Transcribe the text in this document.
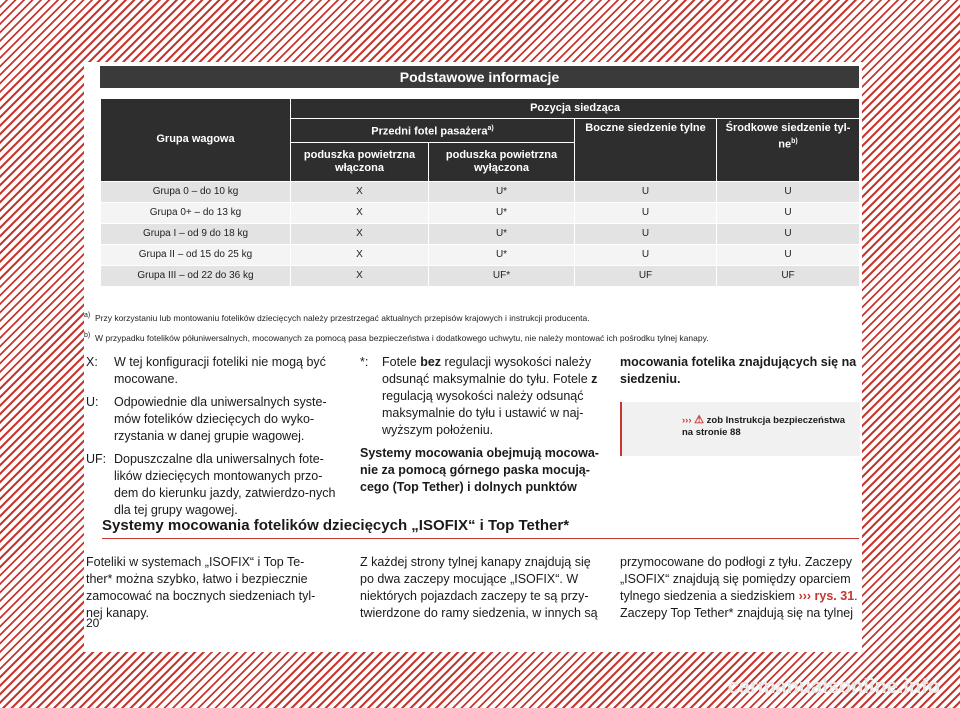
Podstawowe informacje
Grupa wagowa	Pozycja siedząca			
	Przedni fotel pasażera$^{a)}$		Boczne siedzenie tylne	Środkowe siedzenie tyl-$ne^{b)}$
	poduszka powietrzna włączona	poduszka powietrzna wyłączona		
Grupa 0 – do 10 kg	X	U*	U	U
Grupa 0+ – do 13 kg	X	U*	U	U
Grupa I – od 9 do 18 kg	X	U*	U	U
Grupa II – od 15 do 25 kg	X	U*	U	U
Grupa III – od 22 do 36 kg	X	UF*	UF	UF
$^{a)}$ Przy korzystaniu lub montowaniu fotelików dziecięcych należy przestrzegać aktualnych przepisów krajowych i instrukcji producenta.
$^{b)}$ W przypadku fotelików półuniwersalnych, mocowanych za pomocą pasa bezpieczeństwa i dodatkowego uchwytu, nie należy montować ich pośrodku tylnej kanapy.
X:	W tej konfiguracji foteliki nie mogą być mocowane.
U:	Odpowiednie dla uniwersalnych syste-mów fotelików dziecięcych do wyko-rzystania w danej grupie wagowej.
UF: Dopuszczalne dla uniwersalnych fote-lików dziecięcych montowanych przo-dem do kierunku jazdy, zatwierdzo-nych dla tej grupy wagowej.
*:	Fotele bez regulacji wysokości należy odsunąć maksymalnie do tyłu. Fotele z regulacją wysokości należy odsunąć maksymalnie do tyłu i ustawić w naj-wyższym położeniu.
Systemy mocowania obejmują mocowa-nie za pomocą górnego paska mocują-cego (Top Tether) i dolnych punktów
mocowania fotelika znajdujących się na siedzeniu.
››› ⚠ zob Instrukcja bezpieczeństwa na stronie 88
Systemy mocowania fotelików dziecięcych „ISOFIX“ i Top Tether*
Foteliki w systemach „ISOFIX“ i Top Te-ther* można szybko, łatwo i bezpiecznie zamocować na bocznych siedzeniach tyl-nej kanapy.
Z każdej strony tylnej kanapy znajdują się po dwa zaczepy mocujące „ISOFIX“. W niektórych pojazdach zaczepy te są przy-twierdzone do ramy siedzenia, w innych są
przymocowane do podłogi z tyłu. Zaczepy „ISOFIX“ znajdują się pomiędzy oparciem tylnego siedzenia a siedziskiem ››› rys. 31. Zaczepy Top Tether* znajdują się na tylnej
20
carmanualsonline.info
